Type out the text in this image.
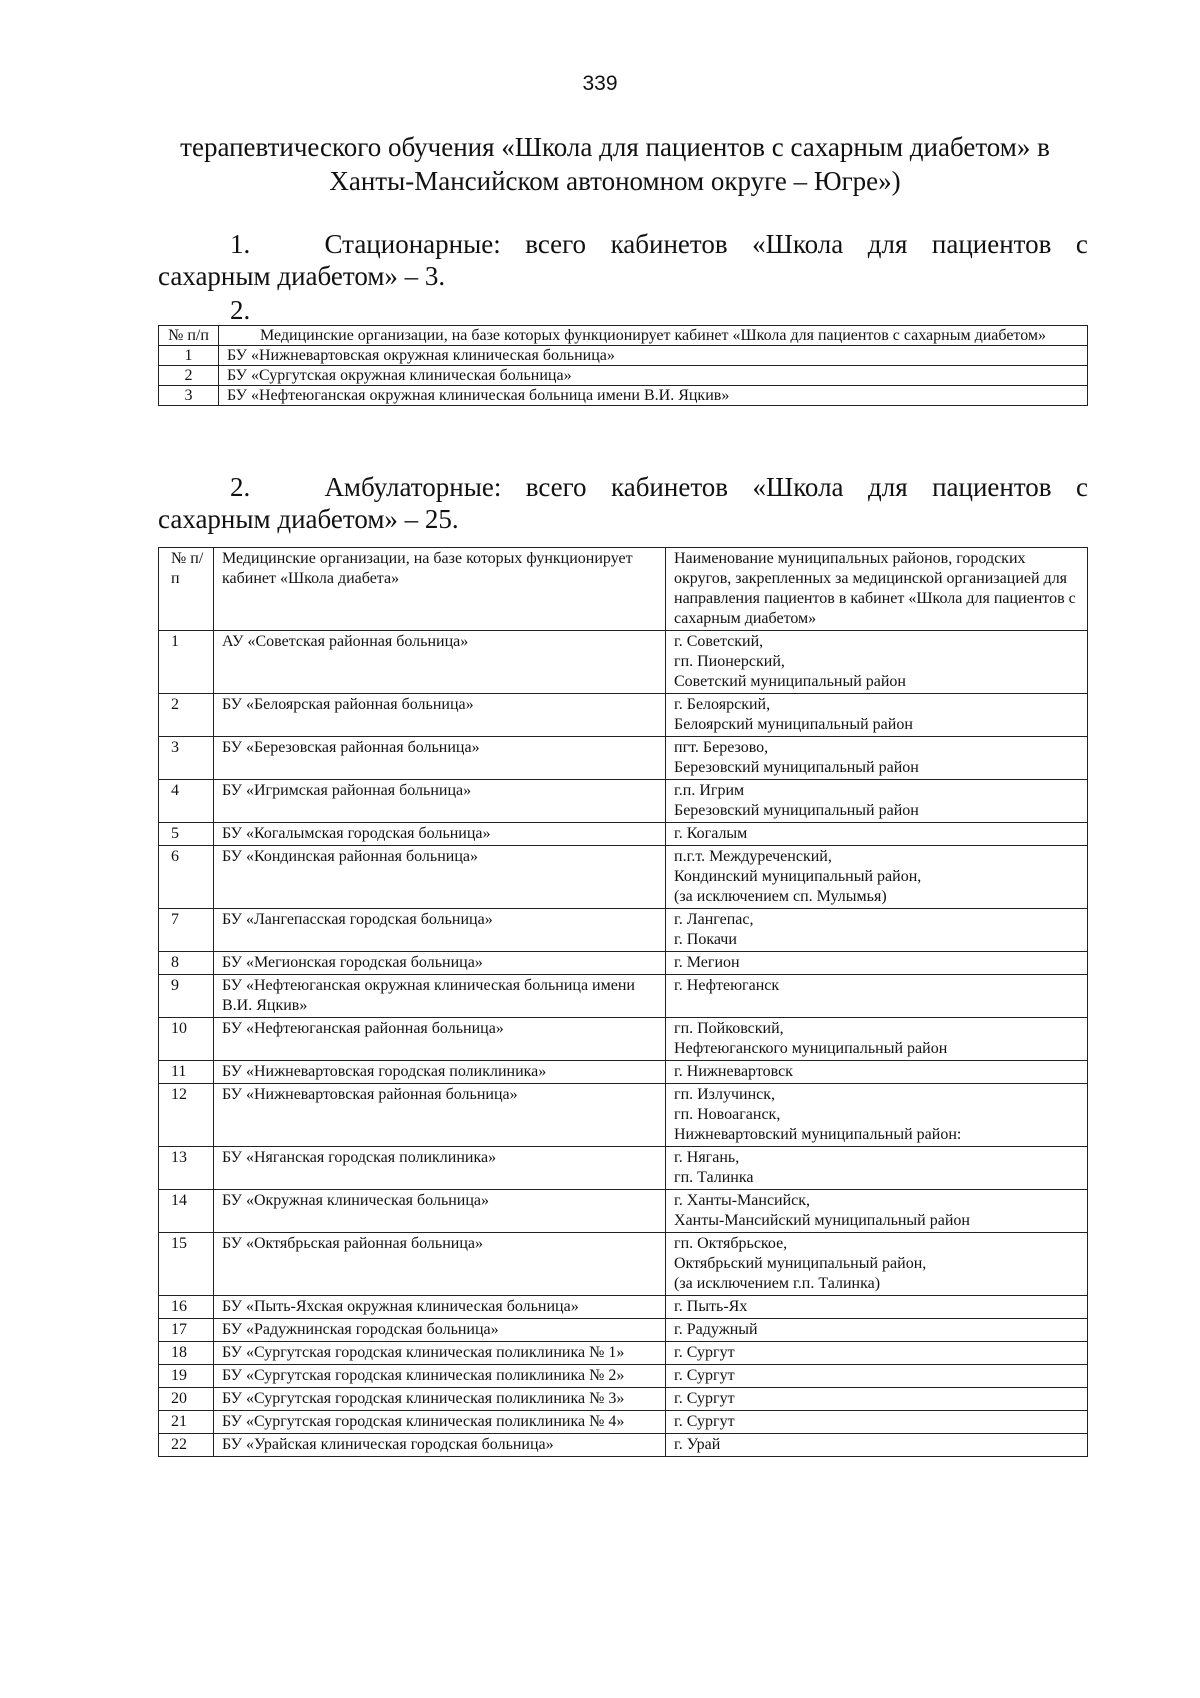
339
терапевтического обучения «Школа для пациентов с сахарным диабетом» в Ханты-Мансийском автономном округе – Югре»)
1.	Стационарные: всего кабинетов «Школа для пациентов с
сахарным диабетом» – 3.
2.
№ п/п	Медицинские организации, на базе которых функционирует кабинет «Школа для пациентов с сахарным диабетом»
1	БУ «Нижневартовская окружная клиническая больница»
2	БУ «Сургутская окружная клиническая больница»
3	БУ «Нефтеюганская окружная клиническая больница имени В.И. Яцкив»
2.	Амбулаторные: всего кабинетов «Школа для пациентов с
сахарным диабетом» – 25.
№ п/п	Медицинские организации, на базе которых функционирует кабинет «Школа диабета»	Наименование муниципальных районов, городских округов, закрепленных за медицинской организацией для направления пациентов в кабинет «Школа для пациентов с сахарным диабетом»
1	АУ «Советская районная больница»	г. Советский,
гп. Пионерский,
Советский муниципальный район

2	БУ «Белоярская районная больница»	г. Белоярский,
Белоярский муниципальный район

3	БУ «Березовская районная больница»	пгт. Березово,
Березовский муниципальный район

4	БУ «Игримская районная больница»	г.п. Игрим
Березовский муниципальный район

5	БУ «Когалымская городская больница»	г. Когалым

6	БУ «Кондинская районная больница»	п.г.т. Междуреченский,
Кондинский муниципальный район,
(за исключением сп. Мулымья)

7	БУ «Лангепасская городская больница»	г. Лангепас,
г. Покачи

8	БУ «Мегионская городская больница»	г. Мегион

9	БУ «Нефтеюганская окружная клиническая больница имени В.И. Яцкив»	г. Нефтеюганск

10	БУ «Нефтеюганская районная больница»	гп. Пойковский,
Нефтеюганского муниципальный район

11	БУ «Нижневартовская городская поликлиника»	г. Нижневартовск

12	БУ «Нижневартовская районная больница»	гп. Излучинск,
гп. Новоаганск,
Нижневартовский муниципальный район:

13	БУ «Няганская городская поликлиника»	г. Нягань,
гп. Талинка

14	БУ «Окружная клиническая больница»	г. Ханты-Мансийск,
Ханты-Мансийский муниципальный район

15	БУ «Октябрьская районная больница»	гп. Октябрьское,
Октябрьский муниципальный район,
(за исключением г.п. Талинка)

16	БУ «Пыть-Яхская окружная клиническая больница»	г. Пыть-Ях

17	БУ «Радужнинская городская больница»	г. Радужный

18	БУ «Сургутская городская клиническая поликлиника № 1»	г. Сургут

19	БУ «Сургутская городская клиническая поликлиника № 2»	г. Сургут

20	БУ «Сургутская городская клиническая поликлиника № 3»	г. Сургут

21	БУ «Сургутская городская клиническая поликлиника № 4»	г. Сургут

22	БУ «Урайская клиническая городская больница»	г. Урай
